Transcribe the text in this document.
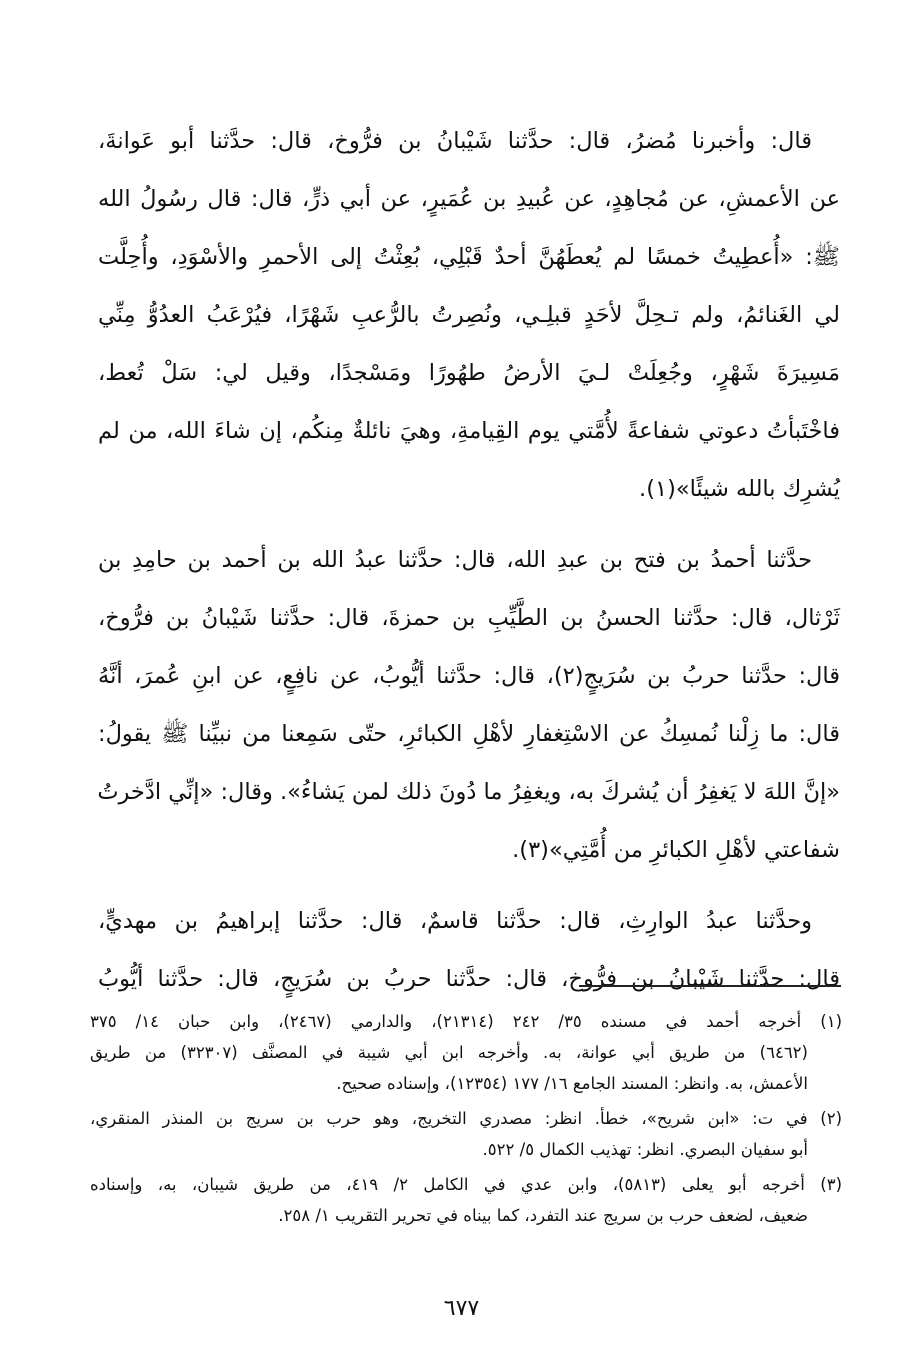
قال: وأخبرنا مُضرُ، قال: حدَّثنا شَيْبانُ بن فرُّوخ، قال: حدَّثنا أبو عَوانةَ،
عن الأعمشِ، عن مُجاهِدٍ، عن عُبيدِ بن عُمَيرٍ، عن أبي ذرٍّ، قال: قال رسُولُ الله
ﷺ: «أُعطِيتُ خمسًا لم يُعطَهُنَّ أحدٌ قَبْلِي، بُعِثْتُ إلى الأحمرِ والأسْوَدِ، وأُحِلَّت
لي الغَنائمُ، ولم تـحِلَّ لأحَدٍ قبلِـي، ونُصِرتُ بالرُّعبِ شَهْرًا، فيُرْعَبُ العدُوُّ مِنِّي
مَسِيرَةَ شَهْرٍ، وجُعِلَتْ لـيَ الأرضُ طهُورًا ومَسْجدًا، وقيل لي: سَلْ تُعط،
فاخْتَبأتُ دعوتي شفاعةً لأُمَّتي يوم القِيامةِ، وهيَ نائلةٌ مِنكُم، إن شاءَ الله، من لم
يُشرِك بالله شيئًا»(١).

حدَّثنا أحمدُ بن فتح بن عبدِ الله، قال: حدَّثنا عبدُ الله بن أحمد بن حامِدِ بن
ثَرْثال، قال: حدَّثنا الحسنُ بن الطَّيِّبِ بن حمزةَ، قال: حدَّثنا شَيْبانُ بن فرُّوخ،
قال: حدَّثنا حربُ بن سُرَيجٍ(٢)، قال: حدَّثنا أيُّوبُ، عن نافِعٍ، عن ابنِ عُمرَ، أنَّهُ
قال: ما زِلْنا نُمسِكُ عن الاسْتِغفارِ لأهْلِ الكبائرِ، حتّى سَمِعنا من نبيِّنا ﷺ يقولُ:
«إنَّ اللهَ لا يَغفِرُ أن يُشركَ به، ويغفِرُ ما دُونَ ذلك لمن يَشاءُ». وقال: «إنِّي ادَّخرتُ
شفاعتي لأهْلِ الكبائرِ من أُمَّتِي»(٣).

وحدَّثنا عبدُ الوارِثِ، قال: حدَّثنا قاسمٌ، قال: حدَّثنا إبراهيمُ بن مهديٍّ،
قال: حدَّثنا شَيْبانُ بن فرُّوخ، قال: حدَّثنا حربُ بن سُرَيجٍ، قال: حدَّثنا أيُّوبُ

(١) أخرجه أحمد في مسنده ٣٥/ ٢٤٢ (٢١٣١٤)، والدارمي (٢٤٦٧)، وابن حبان ١٤/ ٣٧٥
(٦٤٦٢) من طريق أبي عوانة، به. وأخرجه ابن أبي شيبة في المصنَّف (٣٢٣٠٧) من طريق
الأعمش، به. وانظر: المسند الجامع ١٦/ ١٧٧ (١٢٣٥٤)، وإسناده صحيح.
(٢) في ت: «ابن شريح»، خطأ. انظر: مصدري التخريج، وهو حرب بن سريج بن المنذر المنقري،
أبو سفيان البصري. انظر: تهذيب الكمال ٥/ ٥٢٢.
(٣) أخرجه أبو يعلى (٥٨١٣)، وابن عدي في الكامل ٢/ ٤١٩، من طريق شيبان، به، وإسناده
ضعيف، لضعف حرب بن سريج عند التفرد، كما بيناه في تحرير التقريب ١/ ٢٥٨.
٦٧٧
